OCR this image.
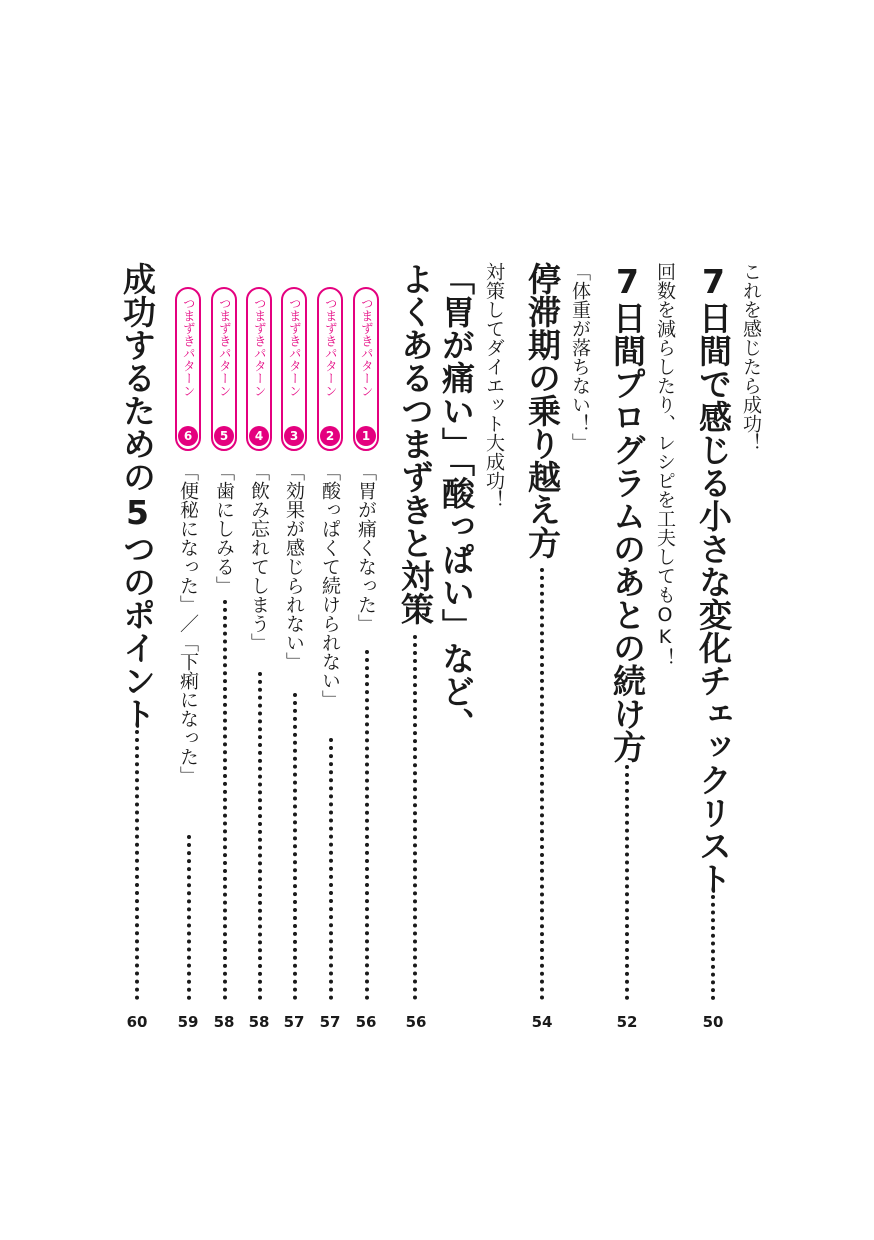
これを感じたら成功！
7日間で感じる小さな変化チェックリスト
50
回数を減らしたり、レシピを工夫してもOK！
7日間プログラムのあとの続け方
52
「体重が落ちない！」
停滞期の乗り越え方
54
対策してダイエット大成功！
「胃が痛い」「酸っぱい」など、
よくあるつまずきと対策
56
つまずきパターン
1
「胃が痛くなった」
56
つまずきパターン
2
「酸っぱくて続けられない」
57
つまずきパターン
3
「効果が感じられない」
57
つまずきパターン
4
「飲み忘れてしまう」
58
つまずきパターン
5
「歯にしみる」
58
つまずきパターン
6
「便秘になった」／「下痢になった」
59
成功するための5つのポイント
60
